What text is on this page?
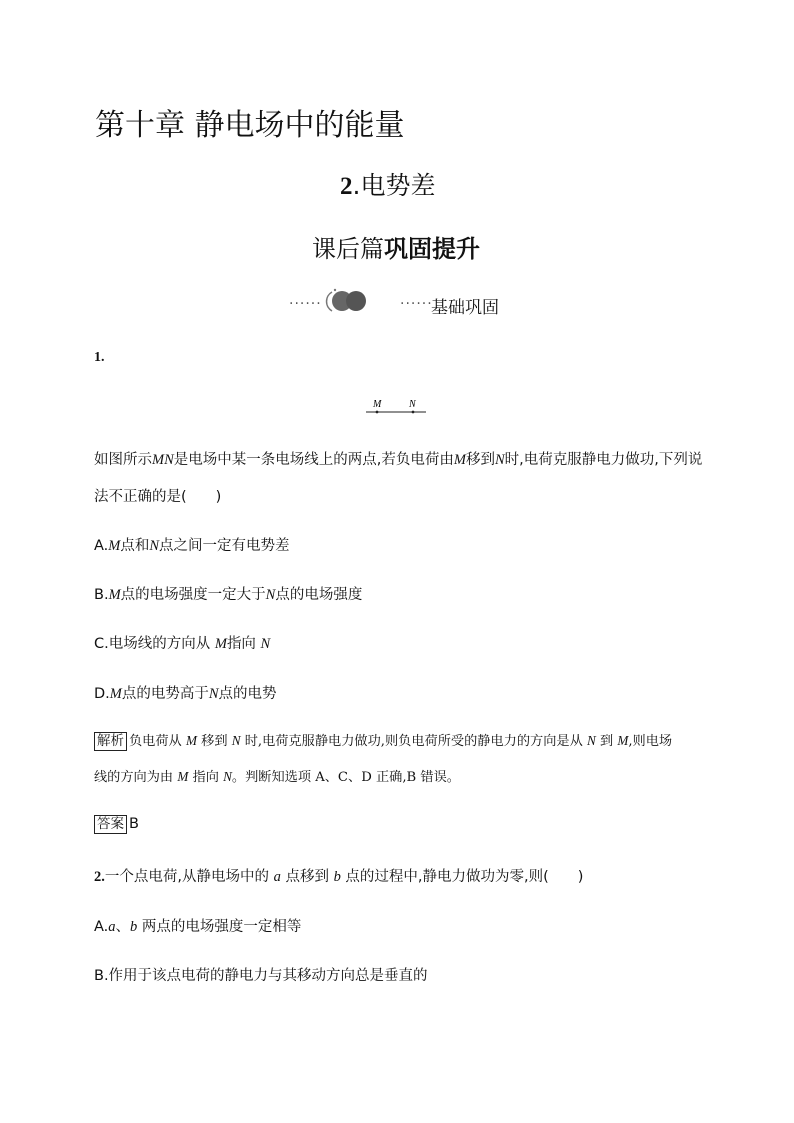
第十章 静电场中的能量
2.电势差
课后篇巩固提升
······	······
基础巩固
1.
M	N
如图所示MN是电场中某一条电场线上的两点,若负电荷由M移到N时,电荷克服静电力做功,下列说
法不正确的是(　　)
A.M点和N点之间一定有电势差
B.M点的电场强度一定大于N点的电场强度
C.电场线的方向从 M指向 N
D.M点的电势高于N点的电势
解析 负电荷从 M 移到 N 时,电荷克服静电力做功,则负电荷所受的静电力的方向是从 N 到 M,则电场
线的方向为由 M 指向 N。判断知选项 A、C、D 正确,B 错误。
答案 B
2.一个点电荷,从静电场中的 a 点移到 b 点的过程中,静电力做功为零,则(　　)
A.a、b 两点的电场强度一定相等
B.作用于该点电荷的静电力与其移动方向总是垂直的
